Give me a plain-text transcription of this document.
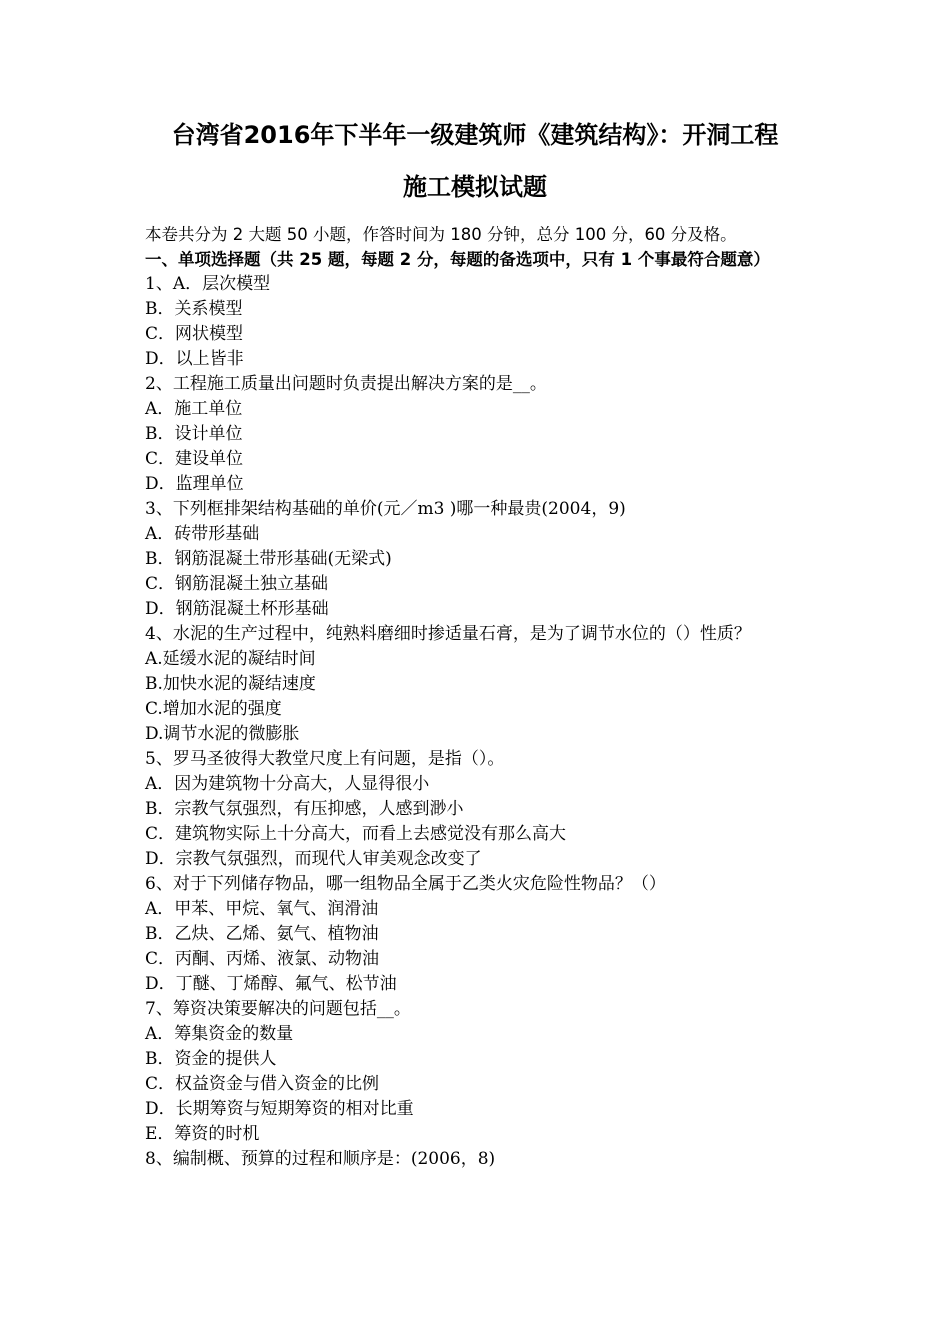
台湾省2016年下半年一级建筑师《建筑结构》：开洞工程
施工模拟试题
本卷共分为 2 大题 50 小题，作答时间为 180 分钟，总分 100 分，60 分及格。
一、单项选择题（共 25 题，每题 2 分，每题的备选项中，只有 1 个事最符合题意）
1、A．层次模型
B．关系模型
C．网状模型
D．以上皆非
2、工程施工质量出问题时负责提出解决方案的是__。
A．施工单位
B．设计单位
C．建设单位
D．监理单位
3、下列框排架结构基础的单价(元／m3 )哪一种最贵(2004，9)
A．砖带形基础
B．钢筋混凝土带形基础(无梁式)
C．钢筋混凝土独立基础
D．钢筋混凝土杯形基础
4、水泥的生产过程中，纯熟料磨细时掺适量石膏，是为了调节水位的（）性质？
A.延缓水泥的凝结时间
B.加快水泥的凝结速度
C.增加水泥的强度
D.调节水泥的微膨胀
5、罗马圣彼得大教堂尺度上有问题，是指（）。
A．因为建筑物十分高大，人显得很小
B．宗教气氛强烈，有压抑感，人感到渺小
C．建筑物实际上十分高大，而看上去感觉没有那么高大
D．宗教气氛强烈，而现代人审美观念改变了
6、对于下列储存物品，哪一组物品全属于乙类火灾危险性物品？（）
A．甲苯、甲烷、氧气、润滑油
B．乙炔、乙烯、氨气、植物油
C．丙酮、丙烯、液氯、动物油
D．丁醚、丁烯醇、氟气、松节油
7、筹资决策要解决的问题包括__。
A．筹集资金的数量
B．资金的提供人
C．权益资金与借入资金的比例
D．长期筹资与短期筹资的相对比重
E．筹资的时机
8、编制概、预算的过程和顺序是：(2006，8)
